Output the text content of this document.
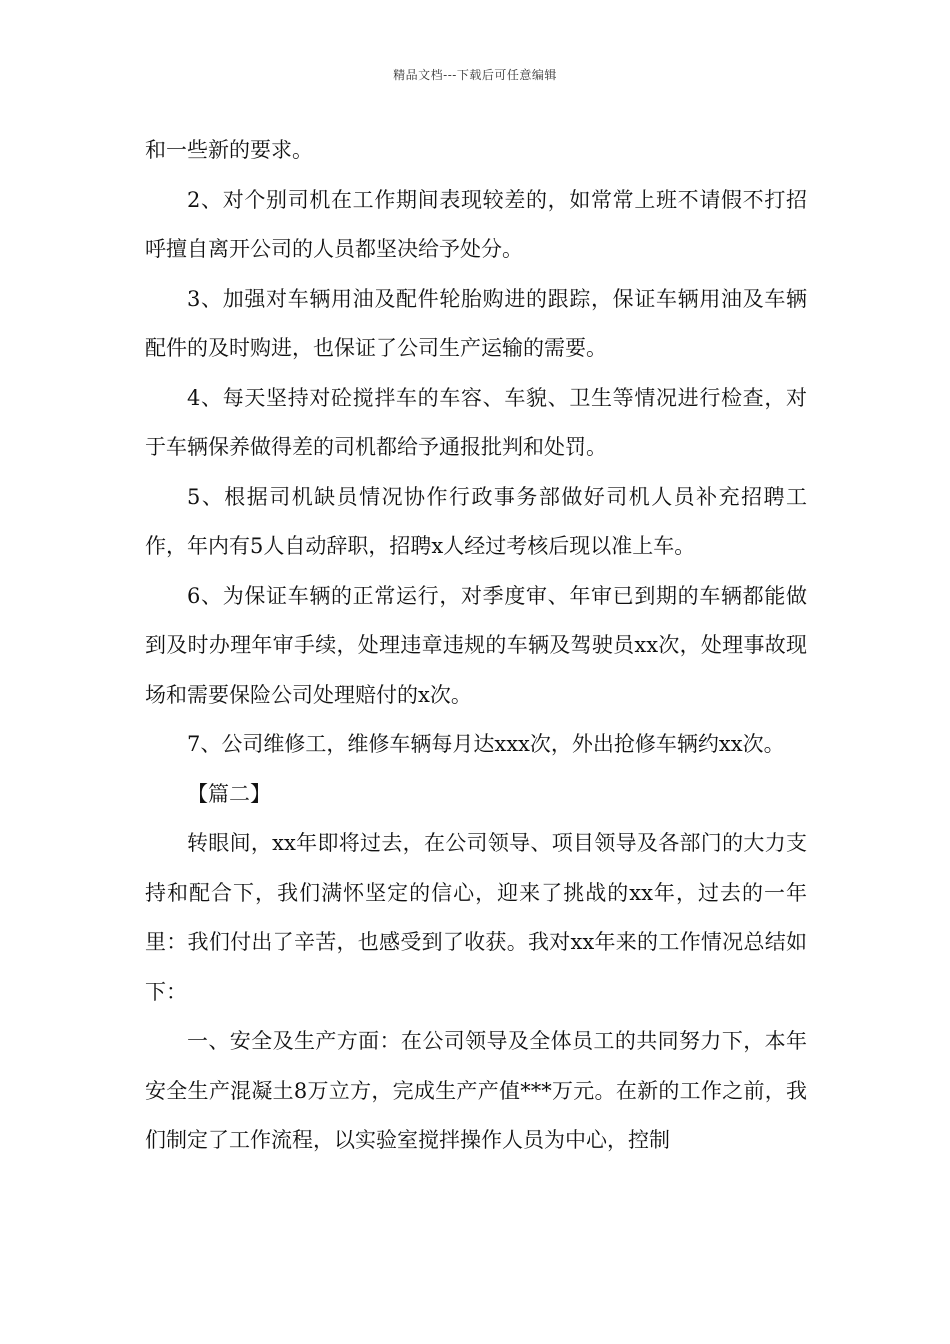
精品文档---下载后可任意编辑

和一些新的要求。

2、对个别司机在工作期间表现较差的，如常常上班不请假不打招呼擅自离开公司的人员都坚决给予处分。

3、加强对车辆用油及配件轮胎购进的跟踪，保证车辆用油及车辆配件的及时购进，也保证了公司生产运输的需要。

4、每天坚持对砼搅拌车的车容、车貌、卫生等情况进行检查，对于车辆保养做得差的司机都给予通报批判和处罚。

5、根据司机缺员情况协作行政事务部做好司机人员补充招聘工作，年内有5人自动辞职，招聘x人经过考核后现以准上车。

6、为保证车辆的正常运行，对季度审、年审已到期的车辆都能做到及时办理年审手续，处理违章违规的车辆及驾驶员xx次，处理事故现场和需要保险公司处理赔付的x次。

7、公司维修工，维修车辆每月达xxx次，外出抢修车辆约xx次。

【篇二】

转眼间，xx年即将过去，在公司领导、项目领导及各部门的大力支持和配合下，我们满怀坚定的信心，迎来了挑战的xx年，过去的一年里：我们付出了辛苦，也感受到了收获。我对xx年来的工作情况总结如下：

一、安全及生产方面：在公司领导及全体员工的共同努力下，本年安全生产混凝土8万立方，完成生产产值***万元。在新的工作之前，我们制定了工作流程，以实验室搅拌操作人员为中心，控制
